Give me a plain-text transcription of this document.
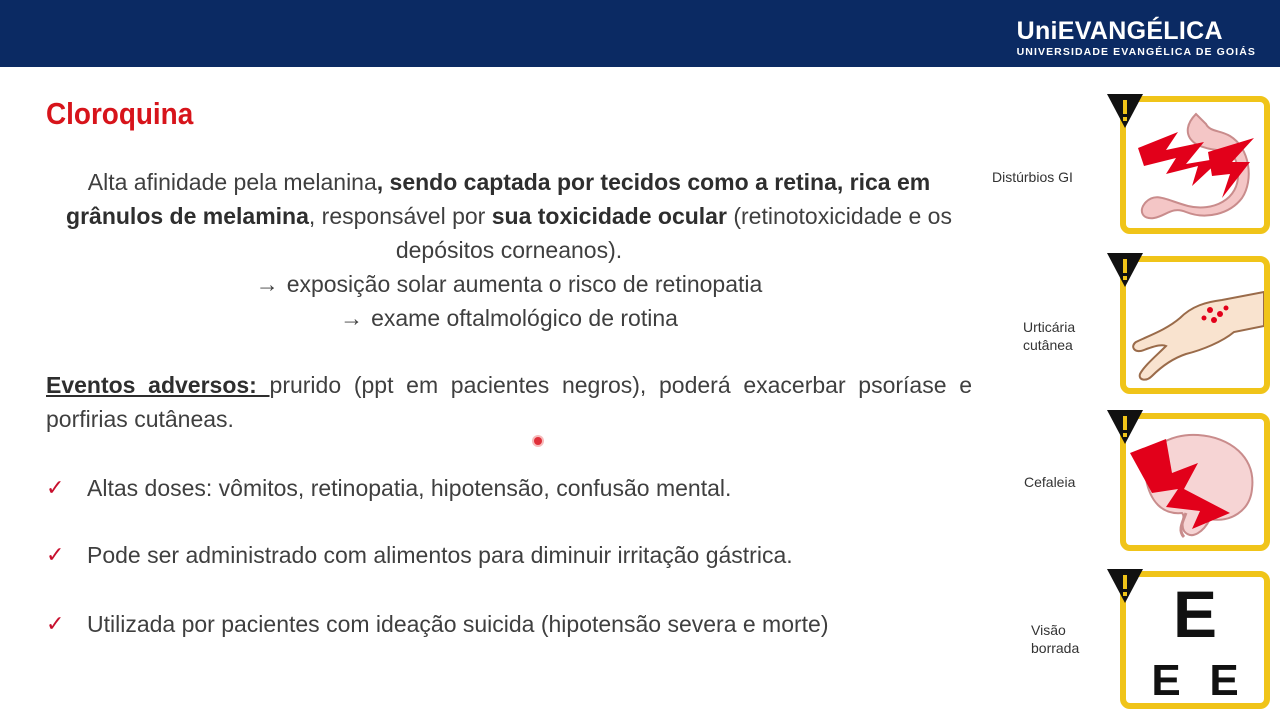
UniEVANGÉLICA
UNIVERSIDADE EVANGÉLICA DE GOIÁS
Cloroquina

Alta afinidade pela melanina, sendo captada por tecidos como a retina, rica em grânulos de melamina, responsável por sua toxicidade ocular (retinotoxicidade e os depósitos corneanos).

→ exposição solar aumenta o risco de retinopatia

→ exame oftalmológico de rotina

Eventos adversos: prurido (ppt em pacientes negros), poderá exacerbar psoríase e porfirias cutâneas.
✓ Altas doses: vômitos, retinopatia, hipotensão, confusão mental.
✓ Pode ser administrado com alimentos para diminuir irritação gástrica.
✓ Utilizada por pacientes com ideação suicida (hipotensão severa e morte)
Distúrbios GI
Urticária
cutânea
Cefaleia
Visão
borrada E
E E
